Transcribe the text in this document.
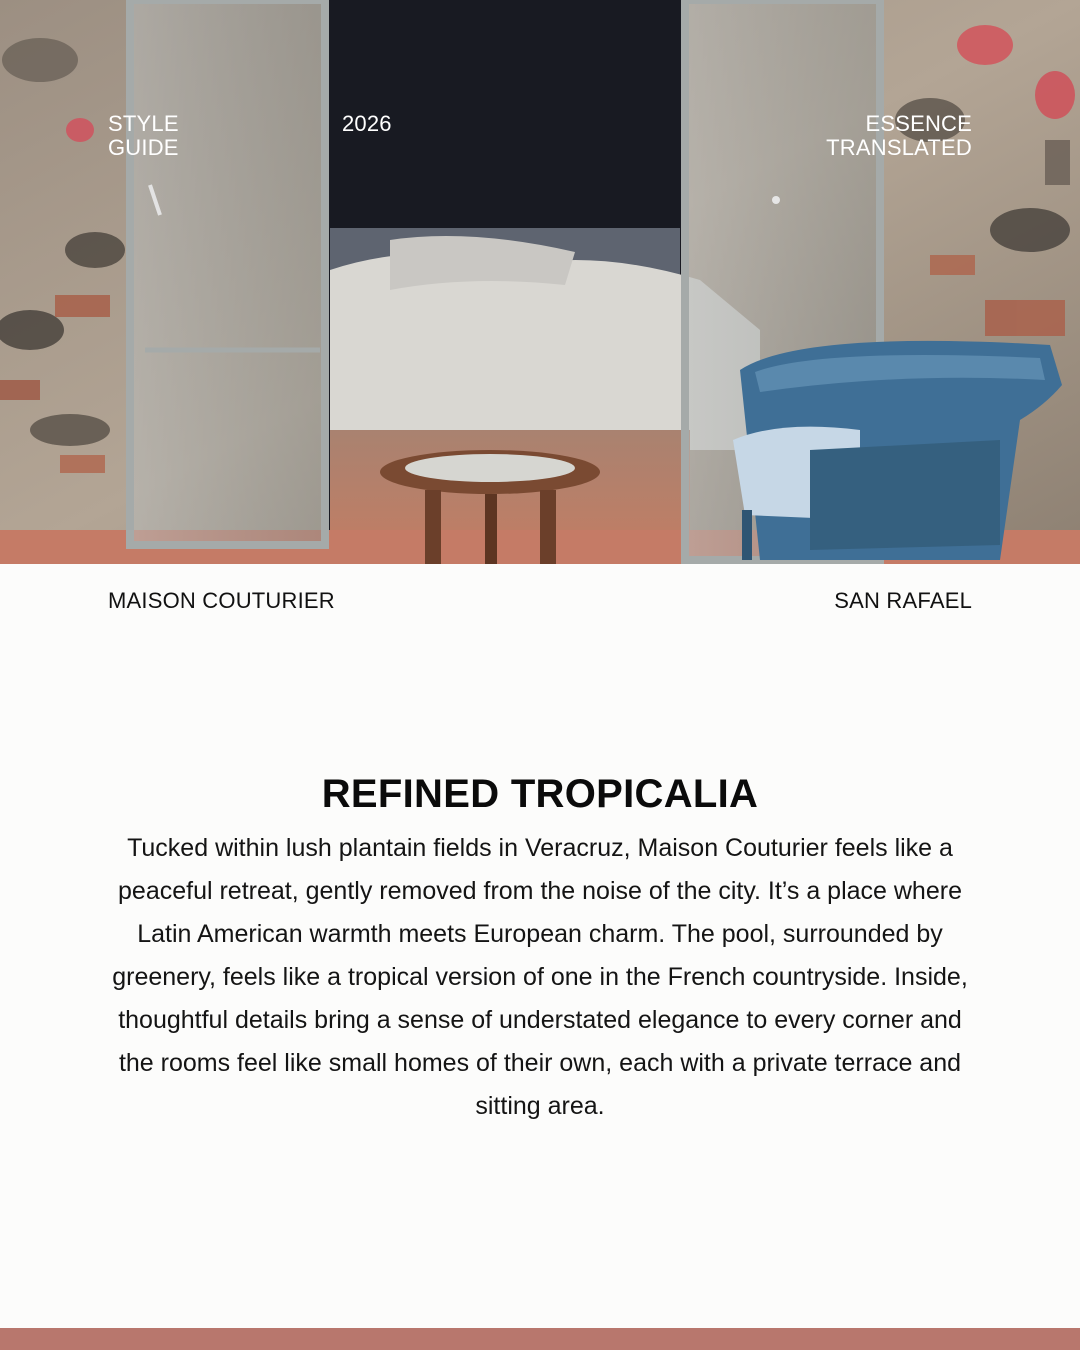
STYLE
GUIDE
2026	ESSENCE
TRANSLATED
MAISON COUTURIER	SAN RAFAEL
REFINED TROPICALIA

Tucked within lush plantain fields in Veracruz, Maison Couturier feels like a peaceful retreat, gently removed from the noise of the city. It’s a place where Latin American warmth meets European charm. The pool, surrounded by greenery, feels like a tropical version of one in the French countryside. Inside, thoughtful details bring a sense of understated elegance to every corner and the rooms feel like small homes of their own, each with a private terrace and sitting area.
